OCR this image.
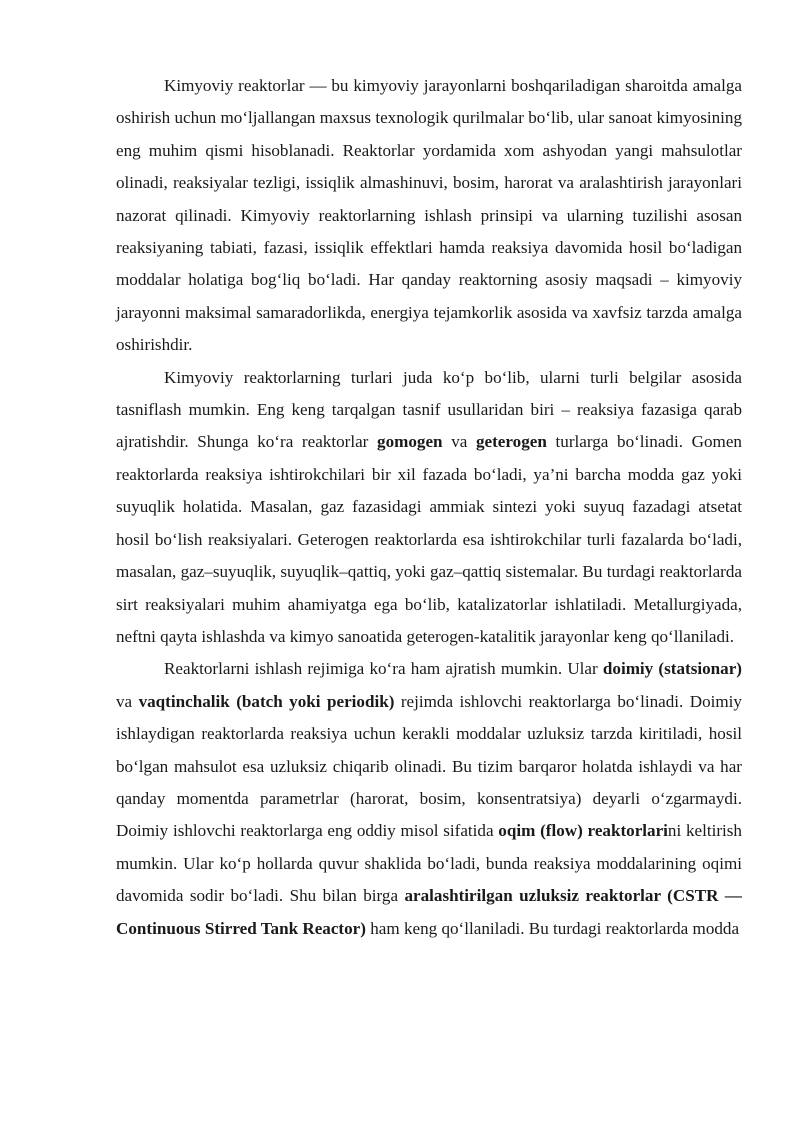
Kimyoviy reaktorlar — bu kimyoviy jarayonlarni boshqariladigan sharoitda amalga oshirish uchun mo‘ljallangan maxsus texnologik qurilmalar bo‘lib, ular sanoat kimyosining eng muhim qismi hisoblanadi. Reaktorlar yordamida xom ashyodan yangi mahsulotlar olinadi, reaksiyalar tezligi, issiqlik almashinuvi, bosim, harorat va aralashtirish jarayonlari nazorat qilinadi. Kimyoviy reaktorlarning ishlash prinsipi va ularning tuzilishi asosan reaksiyaning tabiati, fazasi, issiqlik effektlari hamda reaksiya davomida hosil bo‘ladigan moddalar holatiga bog‘liq bo‘ladi. Har qanday reaktorning asosiy maqsadi – kimyoviy jarayonni maksimal samaradorlikda, energiya tejamkorlik asosida va xavfsiz tarzda amalga oshirishdir.

Kimyoviy reaktorlarning turlari juda ko‘p bo‘lib, ularni turli belgilar asosida tasniflash mumkin. Eng keng tarqalgan tasnif usullaridan biri – reaksiya fazasiga qarab ajratishdir. Shunga ko‘ra reaktorlar gomogen va geterogen turlarga bo‘linadi. Gomen reaktorlarda reaksiya ishtirokchilari bir xil fazada bo‘ladi, ya’ni barcha modda gaz yoki suyuqlik holatida. Masalan, gaz fazasidagi ammiak sintezi yoki suyuq fazadagi atsetat hosil bo‘lish reaksiyalari. Geterogen reaktorlarda esa ishtirokchilar turli fazalarda bo‘ladi, masalan, gaz–suyuqlik, suyuqlik–qattiq, yoki gaz–qattiq sistemalar. Bu turdagi reaktorlarda sirt reaksiyalari muhim ahamiyatga ega bo‘lib, katalizatorlar ishlatiladi. Metallurgiyada, neftni qayta ishlashda va kimyo sanoatida geterogen-katalitik jarayonlar keng qo‘llaniladi.

Reaktorlarni ishlash rejimiga ko‘ra ham ajratish mumkin. Ular doimiy (statsionar) va vaqtinchalik (batch yoki periodik) rejimda ishlovchi reaktorlarga bo‘linadi. Doimiy ishlaydigan reaktorlarda reaksiya uchun kerakli moddalar uzluksiz tarzda kiritiladi, hosil bo‘lgan mahsulot esa uzluksiz chiqarib olinadi. Bu tizim barqaror holatda ishlaydi va har qanday momentda parametrlar (harorat, bosim, konsentratsiya) deyarli o‘zgarmaydi. Doimiy ishlovchi reaktorlarga eng oddiy misol sifatida oqim (flow) reaktorlarini keltirish mumkin. Ular ko‘p hollarda quvur shaklida bo‘ladi, bunda reaksiya moddalarining oqimi davomida sodir bo‘ladi. Shu bilan birga aralashtirilgan uzluksiz reaktorlar (CSTR — Continuous Stirred Tank Reactor) ham keng qo‘llaniladi. Bu turdagi reaktorlarda modda
